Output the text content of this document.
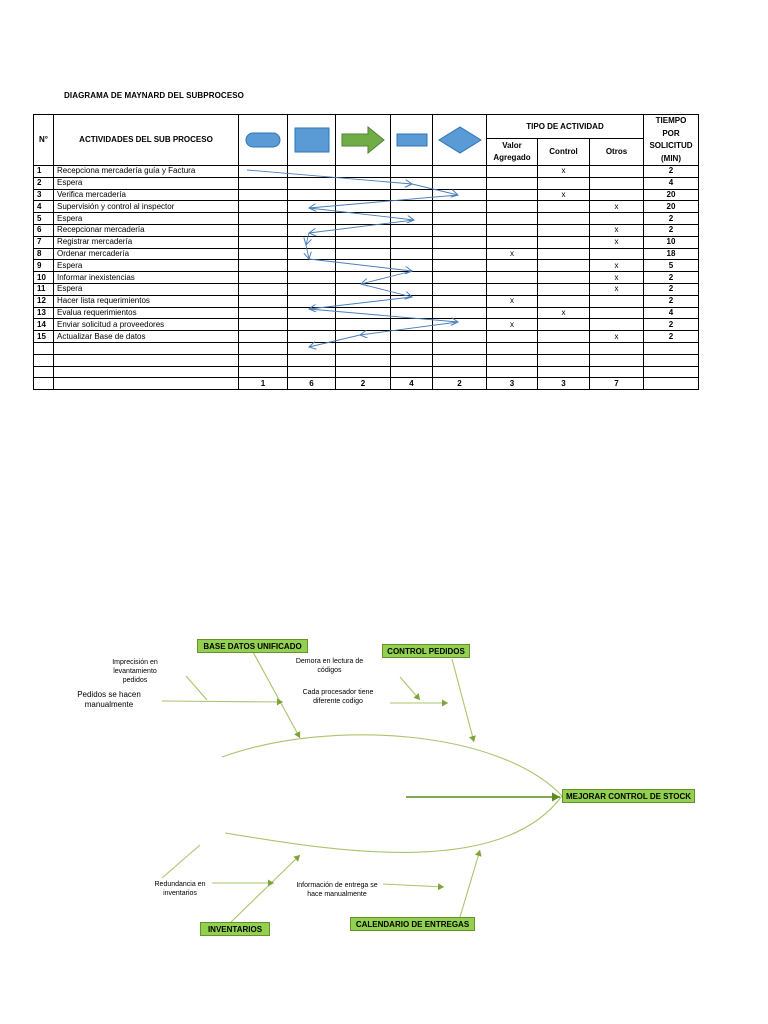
DIAGRAMA DE MAYNARD DEL SUBPROCESO
N°	ACTIVIDADES DEL SUB PROCESO						TIPO DE ACTIVIDAD			TIEMPO POR SOLICITUD (MIN)
							Valor Agregado	Control	Otros	
1	Recepciona mercadería guía y Factura							x		2
2	Espera									4
3	Verifica mercadería							x		20
4	Supervisión y control al inspector								x	20
5	Espera									2
6	Recepcionar mercadería								x	2
7	Registrar mercadería								x	10
8	Ordenar mercadería						x			18
9	Espera								x	5
10	Informar inexistencias								x	2
11	Espera								x	2
12	Hacer lista requerimientos						x			2
13	Evalua requerimientos							x		4
14	Enviar solicitud a proveedores						x			2
15	Actualizar Base de datos								x	2

		1	6	2	4	2	3	3	7	
BASE DATOS UNIFICADO
CONTROL PEDIDOS
MEJORAR CONTROL DE STOCK
CALENDARIO DE ENTREGAS
INVENTARIOS
Imprecisión en levantamiento pedidos
Pedidos se hacen manualmente
Demora en lectura de códigos
Cada procesador tiene diferente codigo
Redundancia en inventarios
Información de entrega se hace manualmente
